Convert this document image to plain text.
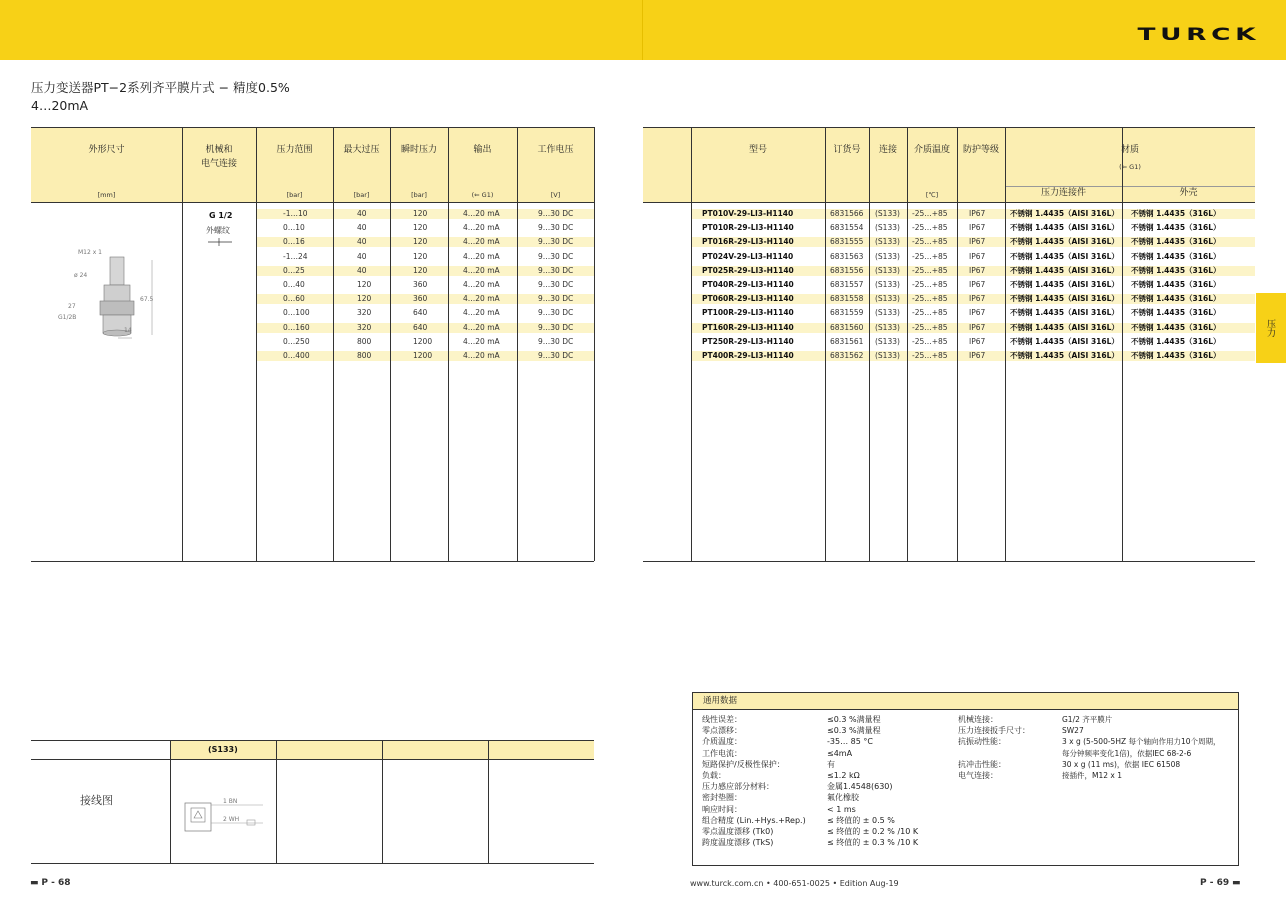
TURCK
压力变送器PT−2系列齐平膜片式 − 精度0.5%
4…20mA
压力
外形尺寸
[mm]
机械和
电气连接
压力范围
[bar]
最大过压
[bar]
瞬时压力
[bar]
输出
(⇐ G1)
工作电压
[V]
型号	订货号	连接	介质温度
[℃]
防护等级	材质
(⇐ G1)
压力连接件	外壳
-1…10	40	120	4…20 mA	9…30 DC	PT010V-29-LI3-H1140	6831566 (S133) -25…+85	IP67	不锈钢 1.4435（AISI 316L） 不锈钢 1.4435（316L）
0…10	40	120	4…20 mA	9…30 DC	PT010R-29-LI3-H1140	6831554 (S133) -25…+85	IP67	不锈钢 1.4435（AISI 316L） 不锈钢 1.4435（316L）
0…16	40	120	4…20 mA	9…30 DC	PT016R-29-LI3-H1140	6831555 (S133) -25…+85	IP67	不锈钢 1.4435（AISI 316L） 不锈钢 1.4435（316L）
-1…24	40	120	4…20 mA	9…30 DC	PT024V-29-LI3-H1140	6831563 (S133) -25…+85	IP67	不锈钢 1.4435（AISI 316L） 不锈钢 1.4435（316L）
0…25	40	120	4…20 mA	9…30 DC	PT025R-29-LI3-H1140	6831556 (S133) -25…+85	IP67	不锈钢 1.4435（AISI 316L） 不锈钢 1.4435（316L）
0…40	120	360	4…20 mA	9…30 DC	PT040R-29-LI3-H1140	6831557 (S133) -25…+85	IP67	不锈钢 1.4435（AISI 316L） 不锈钢 1.4435（316L）
0…60	120	360	4…20 mA	9…30 DC	PT060R-29-LI3-H1140	6831558 (S133) -25…+85	IP67	不锈钢 1.4435（AISI 316L） 不锈钢 1.4435（316L）
0…100	320	640	4…20 mA	9…30 DC	PT100R-29-LI3-H1140	6831559 (S133) -25…+85	IP67	不锈钢 1.4435（AISI 316L） 不锈钢 1.4435（316L）
0…160	320	640	4…20 mA	9…30 DC	PT160R-29-LI3-H1140	6831560 (S133) -25…+85	IP67	不锈钢 1.4435（AISI 316L） 不锈钢 1.4435（316L）
0…250	800	1200	4…20 mA	9…30 DC	PT250R-29-LI3-H1140	6831561 (S133) -25…+85	IP67	不锈钢 1.4435（AISI 316L） 不锈钢 1.4435（316L）
0…400	800	1200	4…20 mA	9…30 DC	PT400R-29-LI3-H1140	6831562 (S133) -25…+85	IP67	不锈钢 1.4435（AISI 316L） 不锈钢 1.4435（316L）
M12 x 1
ø 24
27
G1/2B
67.5
14
G 1/2
外螺纹
(S133)
接线图	1 BN
2 WH
通用数据
线性误差：	≤0.3 %满量程
零点漂移：	≤0.3 %满量程
介质温度：	-35… 85 °C
工作电流：	≤4mA
短路保护/反极性保护：	有
负载：	≤1.2 kΩ
压力感应部分材料：	金属1.4548(630)
密封垫圈：	氟化橡胶
响应时间：	< 1 ms
组合精度 (Lin.+Hys.+Rep.)	≤ 终值的 ± 0.5 %
零点温度漂移 (Tk0)	≤ 终值的 ± 0.2 % /10 K
跨度温度漂移 (TkS)	≤ 终值的 ± 0.3 % /10 K
机械连接：	G1/2 齐平膜片
压力连接扳手尺寸：	SW27
抗振动性能：	3 x g (5-500-5HZ 每个轴向作用力10个周期，
每分钟频率变化1倍)，依据IEC 68-2-6
抗冲击性能：	30 x g (11 ms)，依据 IEC 61508
电气连接：	接插件，M12 x 1
▬ P - 68	www.turck.com.cn • 400-651-0025 • Edition Aug-19	P - 69 ▬
